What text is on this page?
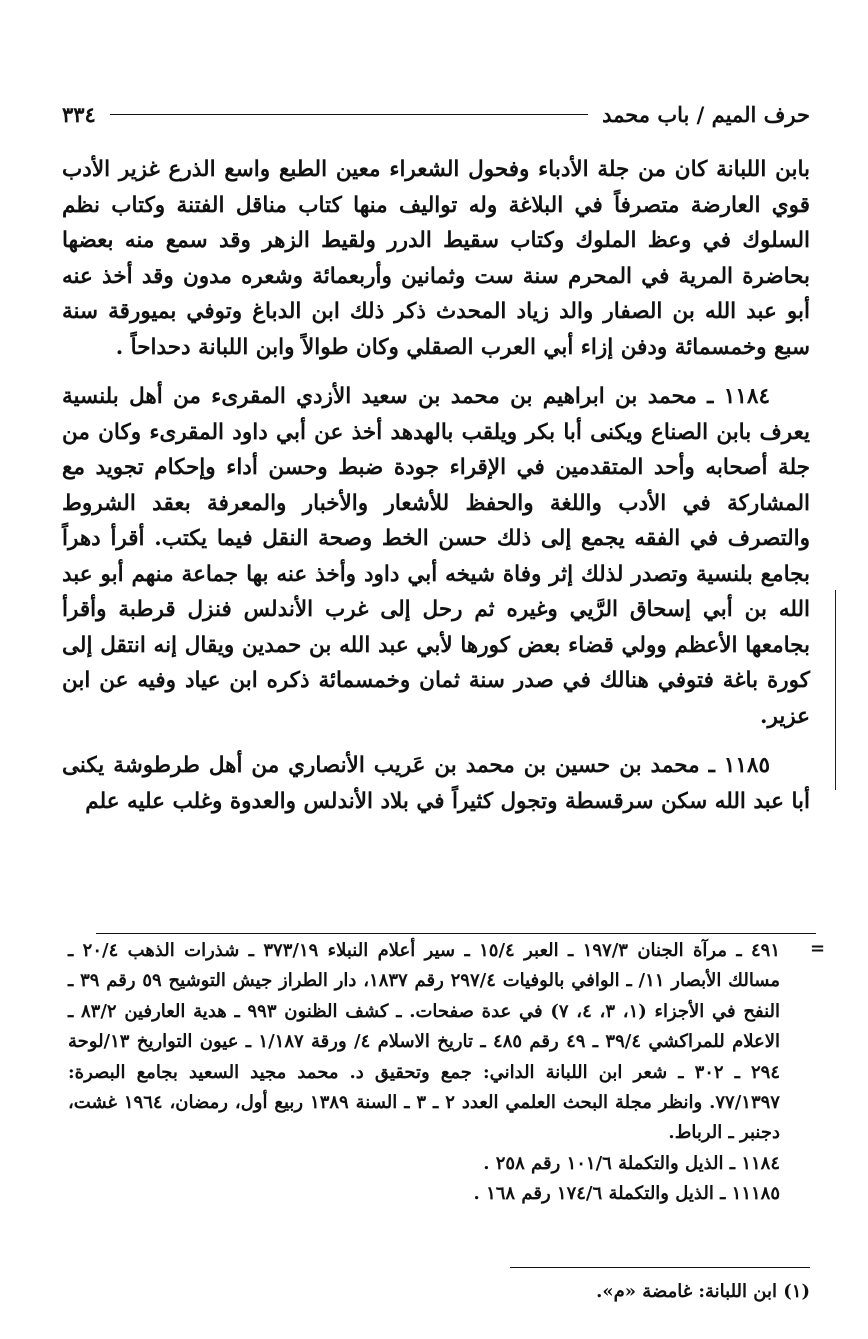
حرف الميم / باب محمد
٣٣٤

بابن اللبانة كان من جلة الأدباء وفحول الشعراء معين الطبع واسع الذرع غزير الأدب قوي العارضة متصرفاً في البلاغة وله تواليف منها كتاب مناقل الفتنة وكتاب نظم السلوك في وعظ الملوك وكتاب سقيط الدرر ولقيط الزهر وقد سمع منه بعضها بحاضرة المرية في المحرم سنة ست وثمانين وأربعمائة وشعره مدون وقد أخذ عنه أبو عبد الله بن الصفار والد زياد المحدث ذكر ذلك ابن الدباغ وتوفي بميورقة سنة سبع وخمسمائة ودفن إزاء أبي العرب الصقلي وكان طوالاً وابن اللبانة دحداحاً .

١١٨٤ ـ محمد بن ابراهيم بن محمد بن سعيد الأزدي المقرىء من أهل بلنسية يعرف بابن الصناع ويكنى أبا بكر ويلقب بالهدهد أخذ عن أبي داود المقرىء وكان من جلة أصحابه وأحد المتقدمين في الإقراء جودة ضبط وحسن أداء وإحكام تجويد مع المشاركة في الأدب واللغة والحفظ للأشعار والأخبار والمعرفة بعقد الشروط والتصرف في الفقه يجمع إلى ذلك حسن الخط وصحة النقل فيما يكتب. أقرأ دهراً بجامع بلنسية وتصدر لذلك إثر وفاة شيخه أبي داود وأخذ عنه بها جماعة منهم أبو عبد الله بن أبي إسحاق الرَّيي وغيره ثم رحل إلى غرب الأندلس فنزل قرطبة وأقرأ بجامعها الأعظم وولي قضاء بعض كورها لأبي عبد الله بن حمدين ويقال إنه انتقل إلى كورة باغة فتوفي هنالك في صدر سنة ثمان وخمسمائة ذكره ابن عياد وفيه عن ابن عزير.

١١٨٥ ـ محمد بن حسين بن محمد بن عَريب الأنصاري من أهل طرطوشة يكنى أبا عبد الله سكن سرقسطة وتجول كثيراً في بلاد الأندلس والعدوة وغلب عليه علم

=

٤٩١ ـ مرآة الجنان ١٩٧/٣ ـ العبر ١٥/٤ ـ سير أعلام النبلاء ٣٧٣/١٩ ـ شذرات الذهب ٢٠/٤ ـ مسالك الأبصار ١١/ ـ الوافي بالوفيات ٢٩٧/٤ رقم ١٨٣٧، دار الطراز جيش التوشيح ٥٩ رقم ٣٩ ـ النفح في الأجزاء (١، ٣، ٤، ٧) في عدة صفحات. ـ كشف الظنون ٩٩٣ ـ هدية العارفين ٨٣/٢ ـ الاعلام للمراكشي ٣٩/٤ ـ ٤٩ رقم ٤٨٥ ـ تاريخ الاسلام ٤/ ورقة ١/١٨٧ ـ عيون التواريخ ١٣/لوحة ٢٩٤ ـ ٣٠٢ ـ شعر ابن اللبانة الداني: جمع وتحقيق د. محمد مجيد السعيد بجامع البصرة: ٧٧/١٣٩٧. وانظر مجلة البحث العلمي العدد ٢ ـ ٣ ـ السنة ١٣٨٩ ربيع أول، رمضان، ١٩٦٤ غشت، دجنبر ـ الرباط.

١١٨٤ ـ الذيل والتكملة ١٠١/٦ رقم ٢٥٨ .

١١١٨٥ ـ الذيل والتكملة ١٧٤/٦ رقم ١٦٨ .

(١) ابن اللبانة: غامضة «م».
